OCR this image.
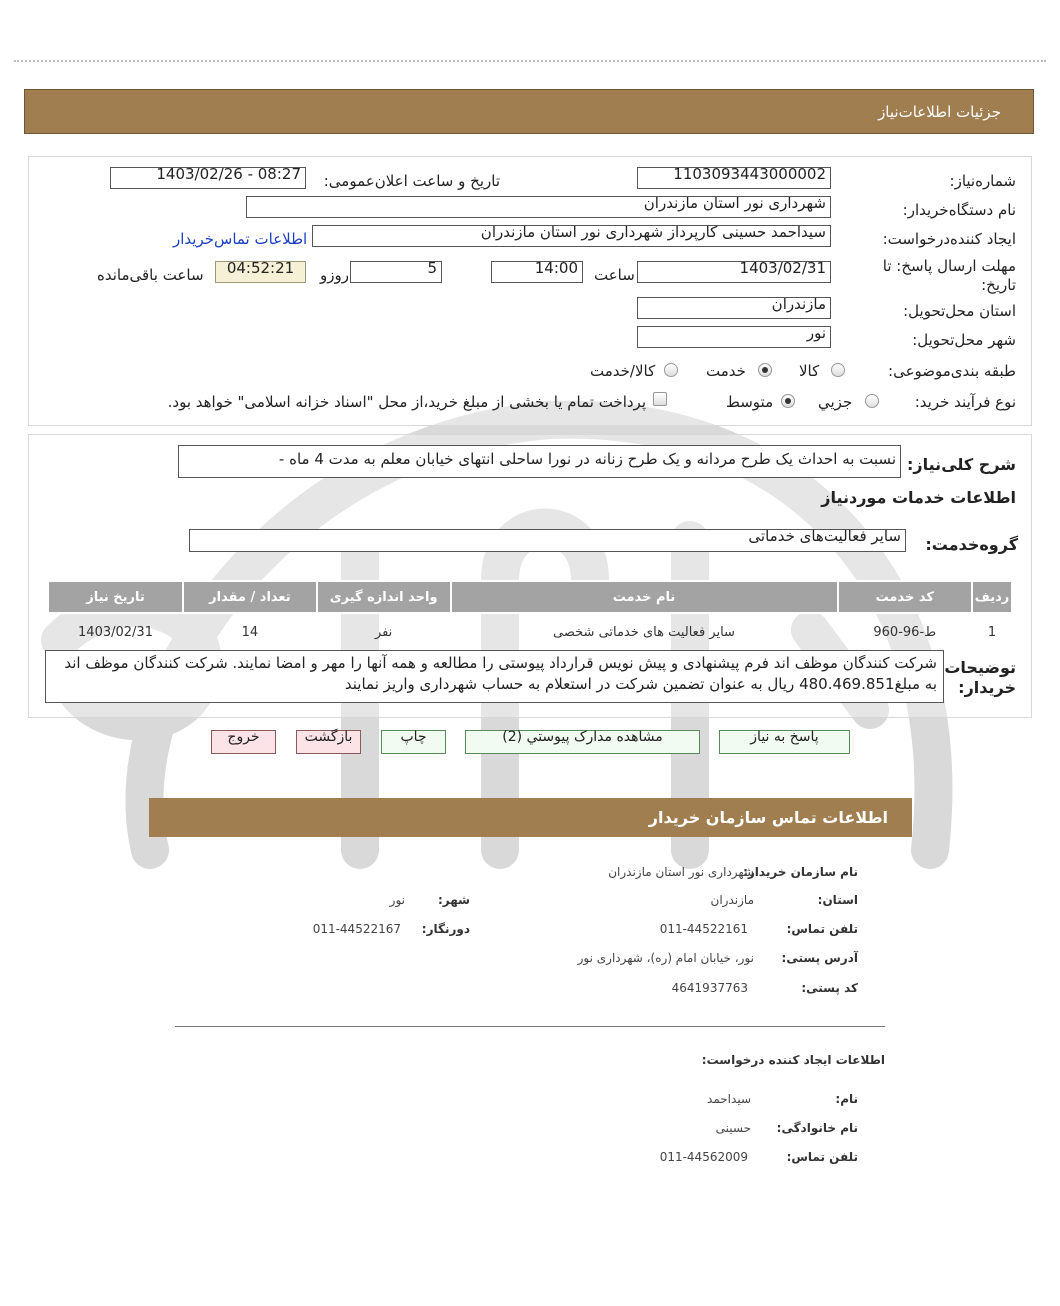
جزئيات اطلاعات‌نياز
شماره‌نياز:
1103093443000002
تاريخ و ساعت اعلان‌عمومی:
1403/02/26 - 08:27
نام دستگاه‌خريدار:
شهرداری نور استان مازندران
ايجاد کننده‌درخواست:
سیداحمد حسینی کارپرداز شهرداری نور استان مازندران
اطلاعات تماس‌خريدار
مهلت ارسال پاسخ: تا تاریخ:
1403/02/31
ساعت
14:00
5
روزو
04:52:21
ساعت باقی‌مانده
استان محل‌تحويل:
مازندران
شهر محل‌تحويل:
نور
طبقه بندی‌موضوعی:
کالا
خدمت
کالا/خدمت
نوع فرآیند خرید:
جزيي
متوسط
پرداخت تمام یا بخشی از مبلغ خرید،از محل "اسناد خزانه اسلامی" خواهد بود.
شرح کلی‌نياز:
نسبت به احداث یک طرح مردانه و یک طرح زنانه در نورا ساحلی انتهای خیابان معلم به مدت 4 ماه -
اطلاعات خدمات موردنياز
گروه‌خدمت:
سایر فعالیت‌های خدماتی
رديف	کد خدمت	نام خدمت	واحد اندازه گیری	تعداد / مقدار	تاريخ نياز
1	ط-96-960	سایر فعالیت های خدماتی شخصی	نفر	14	1403/02/31
توضيحات
خريدار:
شرکت کنندگان موظف اند فرم پیشنهادی و پیش نویس قرارداد پیوستی را مطالعه و همه آنها را مهر و امضا نمایند. شرکت کنندگان موظف اند به مبلغ480.469.851 ریال به عنوان تضمین شرکت در استعلام به حساب شهرداری واریز نمایند
پاسخ به نياز
مشاهده مدارک پيوستي (2)
چاپ
بازگشت
خروج
اطلاعات تماس سازمان خریدار
نام سازمان خریدار:
شهرداری نور استان مازندران
استان:
مازندران
شهر:
نور
تلفن تماس:
011-44522161
دورنگار:
011-44522167
آدرس پستی:
نور، خیابان امام (ره)، شهرداری نور
کد پستی:
4641937763
اطلاعات ایجاد کننده درخواست:
نام:
سیداحمد
نام خانوادگی:
حسینی
تلفن تماس:
011-44562009
